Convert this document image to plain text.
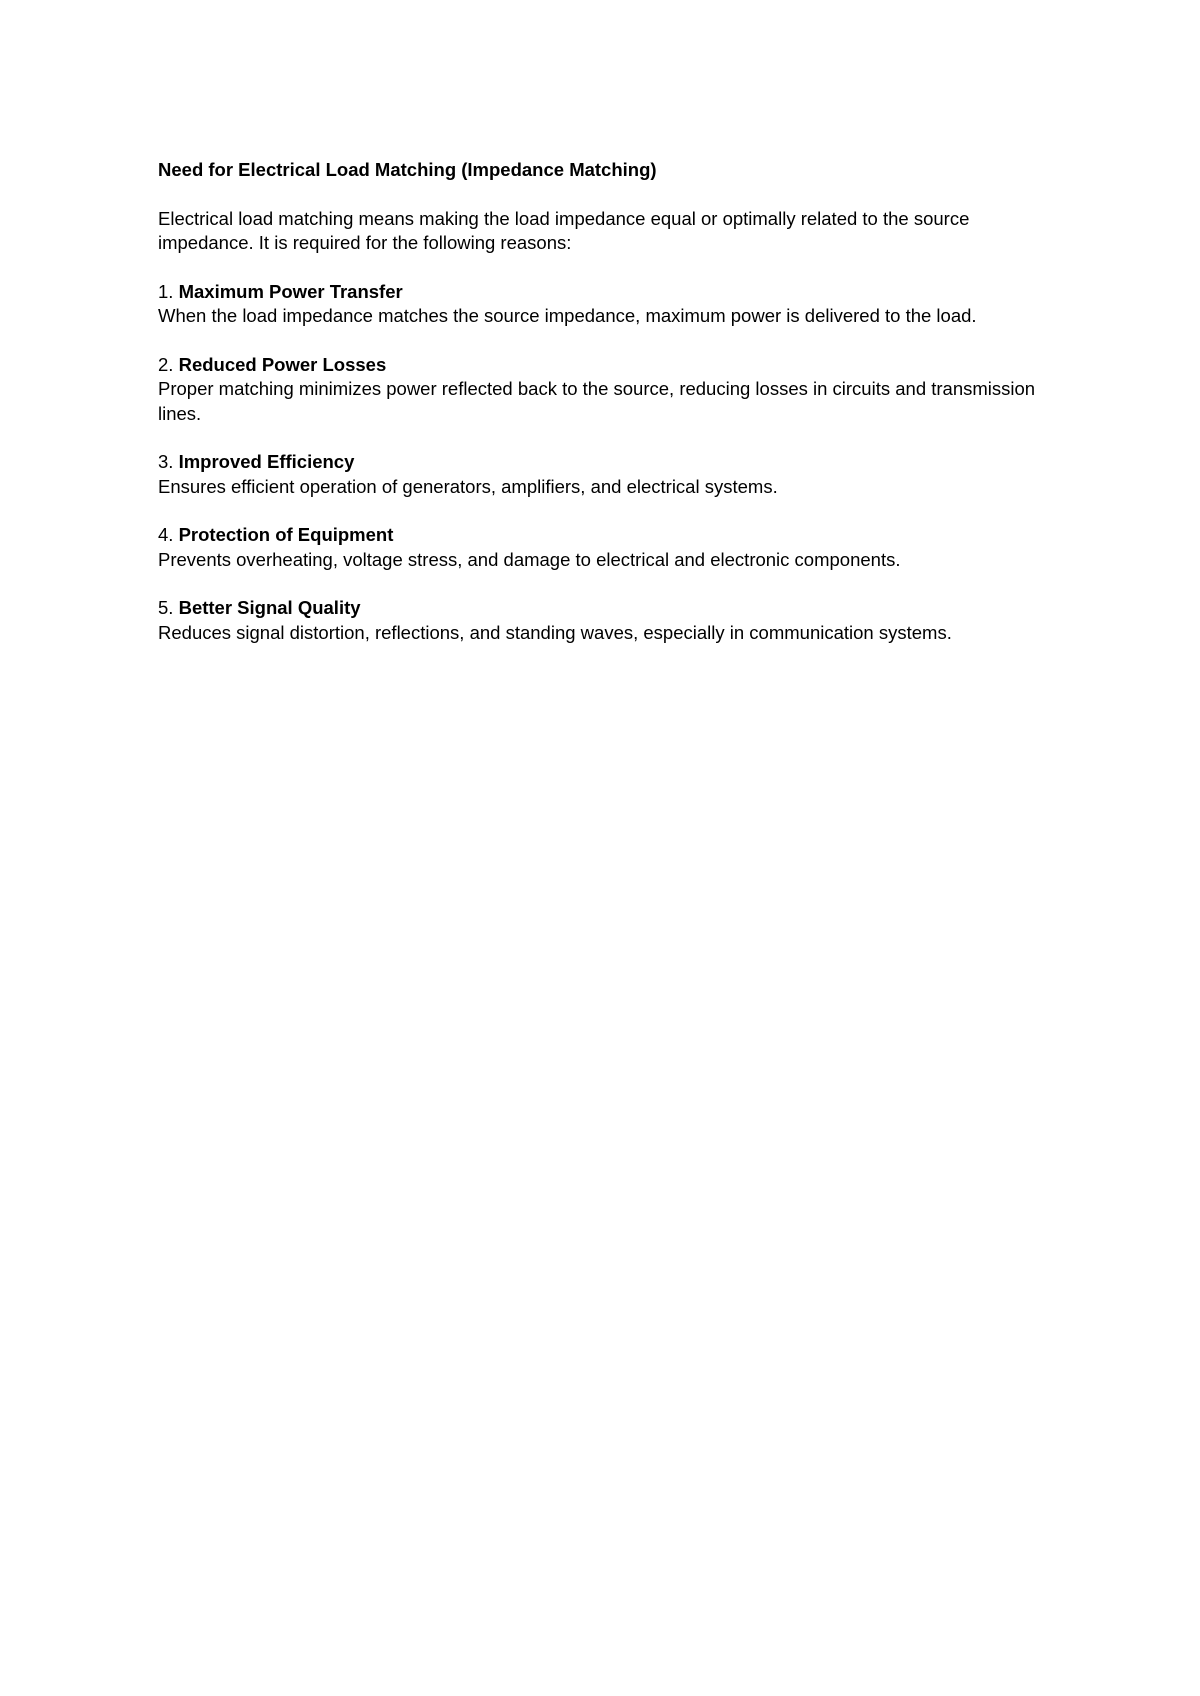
Need for Electrical Load Matching (Impedance Matching)

Electrical load matching means making the load impedance equal or optimally related to the source impedance. It is required for the following reasons:

1. Maximum Power Transfer

When the load impedance matches the source impedance, maximum power is delivered to the load.

2. Reduced Power Losses

Proper matching minimizes power reflected back to the source, reducing losses in circuits and transmission lines.

3. Improved Efficiency

Ensures efficient operation of generators, amplifiers, and electrical systems.

4. Protection of Equipment

Prevents overheating, voltage stress, and damage to electrical and electronic components.

5. Better Signal Quality

Reduces signal distortion, reflections, and standing waves, especially in communication systems.
